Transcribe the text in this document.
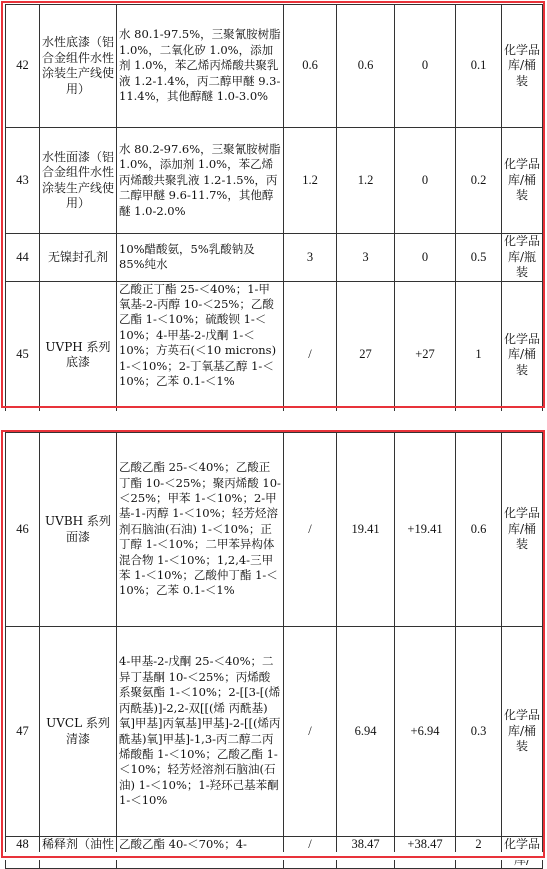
42	水性底漆（铝合金组件水性涂装生产线使用）	水 80.1-97.5%，三聚氰胺树脂 1.0%，二氧化矽 1.0%，添加剂 1.0%，苯乙烯丙烯酸共聚乳液 1.2-1.4%，丙二醇甲醚 9.3-11.4%，其他醇醚 1.0-3.0%	0.6	0.6	0	0.1	化学品库/桶装
43	水性面漆（铝合金组件水性涂装生产线使用）	水 80.2-97.6%，三聚氰胺树脂 1.0%，添加剂 1.0%，苯乙烯丙烯酸共聚乳液 1.2-1.5%，丙二醇甲醚 9.6-11.7%，其他醇醚 1.0-2.0%	1.2	1.2	0	0.2	化学品库/桶装
44	无镍封孔剂	10%醋酸氨，5%乳酸钠及 85%纯水	3	3	0	0.5	化学品库/瓶装
45	UVPH 系列底漆	乙酸正丁酯 25-＜40%；1-甲氧基-2-丙醇 10-＜25%；乙酸乙酯 1-＜10%；硫酸钡 1-＜10%；4-甲基-2-戊酮 1-＜10%；方英石(＜10 microns) 1-＜10%；2-丁氧基乙醇 1-＜10%；乙苯 0.1-＜1%	/	27	+27	1	化学品库/桶装
46	UVBH 系列面漆	乙酸乙酯 25-＜40%；乙酸正丁酯 10-＜25%；聚丙烯酸 10-＜25%；甲苯 1-＜10%；2-甲基-1-丙醇 1-＜10%；轻芳烃溶剂石脑油(石油) 1-＜10%；正丁醇 1-＜10%；二甲苯异构体混合物 1-＜10%；1,2,4-三甲苯 1-＜10%；乙酸仲丁酯 1-＜10%；乙苯 0.1-＜1%	/	19.41	+19.41	0.6	化学品库/桶装
47	UVCL 系列清漆	4-甲基-2-戊酮 25-＜40%；二异丁基酮 10-＜25%；丙烯酸系聚氨酯 1-＜10%；2-[[3-[(烯丙酰基)]-2,2-双[[(烯 丙酰基)氧]甲基]丙氧基]甲基]-2-[[(烯丙酰基)氧]甲基]-1,3-丙二醇二丙烯酸酯 1-＜10%；乙酸乙酯 1-＜10%；轻芳烃溶剂石脑油(石油) 1-＜10%；1-羟环己基苯酮 1-＜10%	/	6.94	+6.94	0.3	化学品库/桶装
48	稀释剂（油性	乙酸乙酯 40-＜70%；4-	/	38.47	+38.47	2	化学品
